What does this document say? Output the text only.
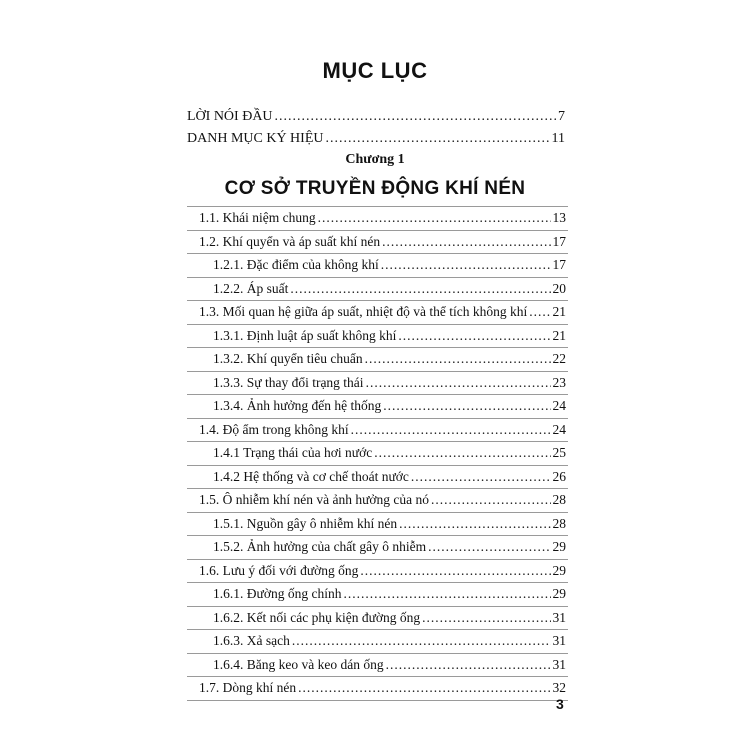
MỤC LỤC
LỜI NÓI ĐẦU .....	7
DANH MỤC KÝ HIỆU .....	11
Chương 1
CƠ SỞ TRUYỀN ĐỘNG KHÍ NÉN
1.1. Khái niệm chung .....	13
1.2. Khí quyển và áp suất khí nén .....	17
1.2.1. Đặc điểm của không khí .....	17
1.2.2. Áp suất .....	20
1.3. Mối quan hệ giữa áp suất, nhiệt độ và thể tích không khí ..... 21
1.3.1. Định luật áp suất không khí .....	21
1.3.2. Khí quyển tiêu chuẩn .....	22
1.3.3. Sự thay đổi trạng thái .....	23
1.3.4. Ảnh hưởng đến hệ thống .....	24
1.4. Độ ẩm trong không khí .....	24
1.4.1 Trạng thái của hơi nước .....	25
1.4.2 Hệ thống và cơ chế thoát nước .....	26
1.5. Ô nhiễm khí nén và ảnh hưởng của nó .....	28
1.5.1. Nguồn gây ô nhiễm khí nén .....	28
1.5.2. Ảnh hưởng của chất gây ô nhiễm .....	29
1.6. Lưu ý đối với đường ống .....	29
1.6.1. Đường ống chính .....	29
1.6.2. Kết nối các phụ kiện đường ống .....	31
1.6.3. Xả sạch .....	31
1.6.4. Băng keo và keo dán ống .....	31
1.7. Dòng khí nén .....	32
3
